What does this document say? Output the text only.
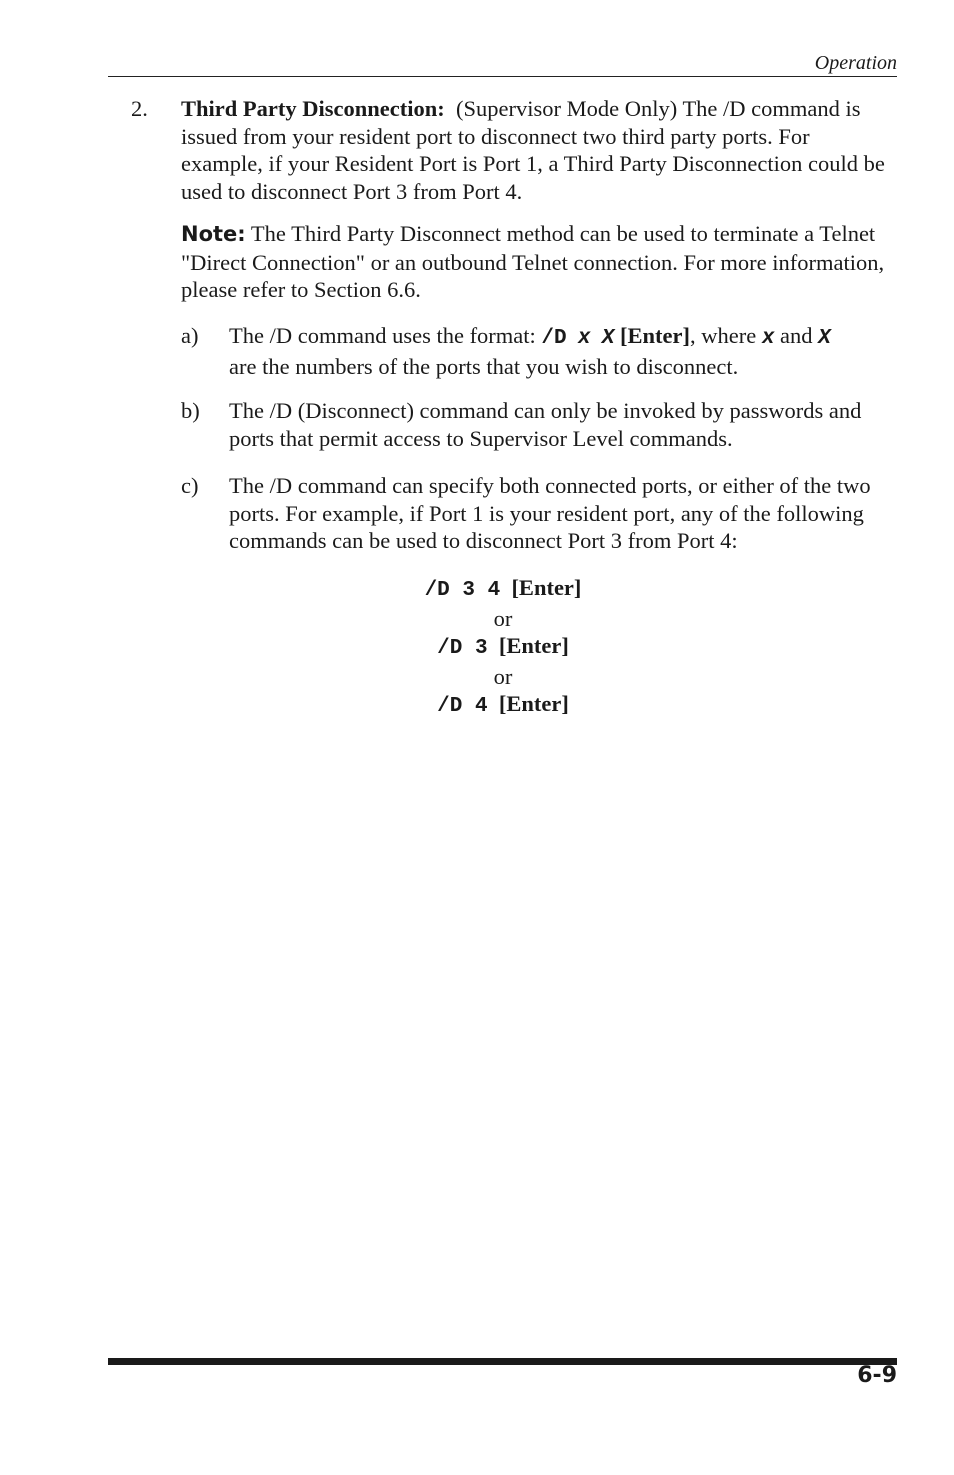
Operation
2. Third Party Disconnection: (Supervisor Mode Only) The /D command is issued from your resident port to disconnect two third party ports. For example, if your Resident Port is Port 1, a Third Party Disconnection could be used to disconnect Port 3 from Port 4.
Note: The Third Party Disconnect method can be used to terminate a Telnet "Direct Connection" or an outbound Telnet connection. For more information, please refer to Section 6.6.
a) The /D command uses the format: /D x X [Enter], where x and X
are the numbers of the ports that you wish to disconnect.
b) The /D (Disconnect) command can only be invoked by passwords and ports that permit access to Supervisor Level commands.
c) The /D command can specify both connected ports, or either of the two ports. For example, if Port 1 is your resident port, any of the following commands can be used to disconnect Port 3 from Port 4:
/D 3 4 [Enter]
or
/D 3 [Enter]
or
/D 4 [Enter]
6-9
